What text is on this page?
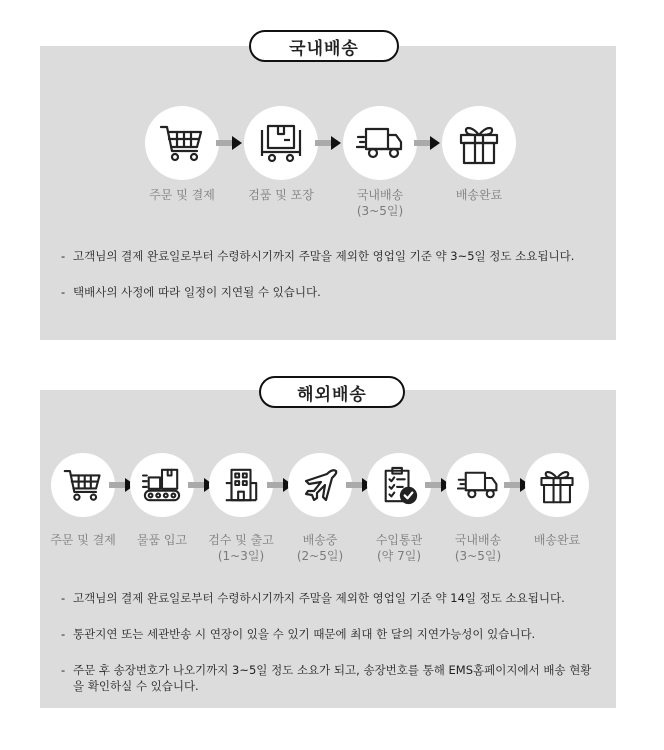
국내배송
주문 및 결제	검품 및 포장	국내배송
(3~5일)
배송완료
- 고객님의 결제 완료일로부터 수령하시기까지 주말을 제외한 영업일 기준 약 3~5일 정도 소요됩니다.
- 택배사의 사정에 따라 일정이 지연될 수 있습니다.
해외배송
주문 및 결제	물품 입고	검수 및 출고
(1~3일)
배송중
(2~5일)
수입통관
(약 7일)
국내배송
(3~5일)
배송완료
- 고객님의 결제 완료일로부터 수령하시기까지 주말을 제외한 영업일 기준 약 14일 정도 소요됩니다.
- 통관지연 또는 세관반송 시 연장이 있을 수 있기 때문에 최대 한 달의 지연가능성이 있습니다.
- 주문 후 송장번호가 나오기까지 3~5일 정도 소요가 되고, 송장번호를 통해 EMS홈페이지에서 배송 현황을 확인하실 수 있습니다.
